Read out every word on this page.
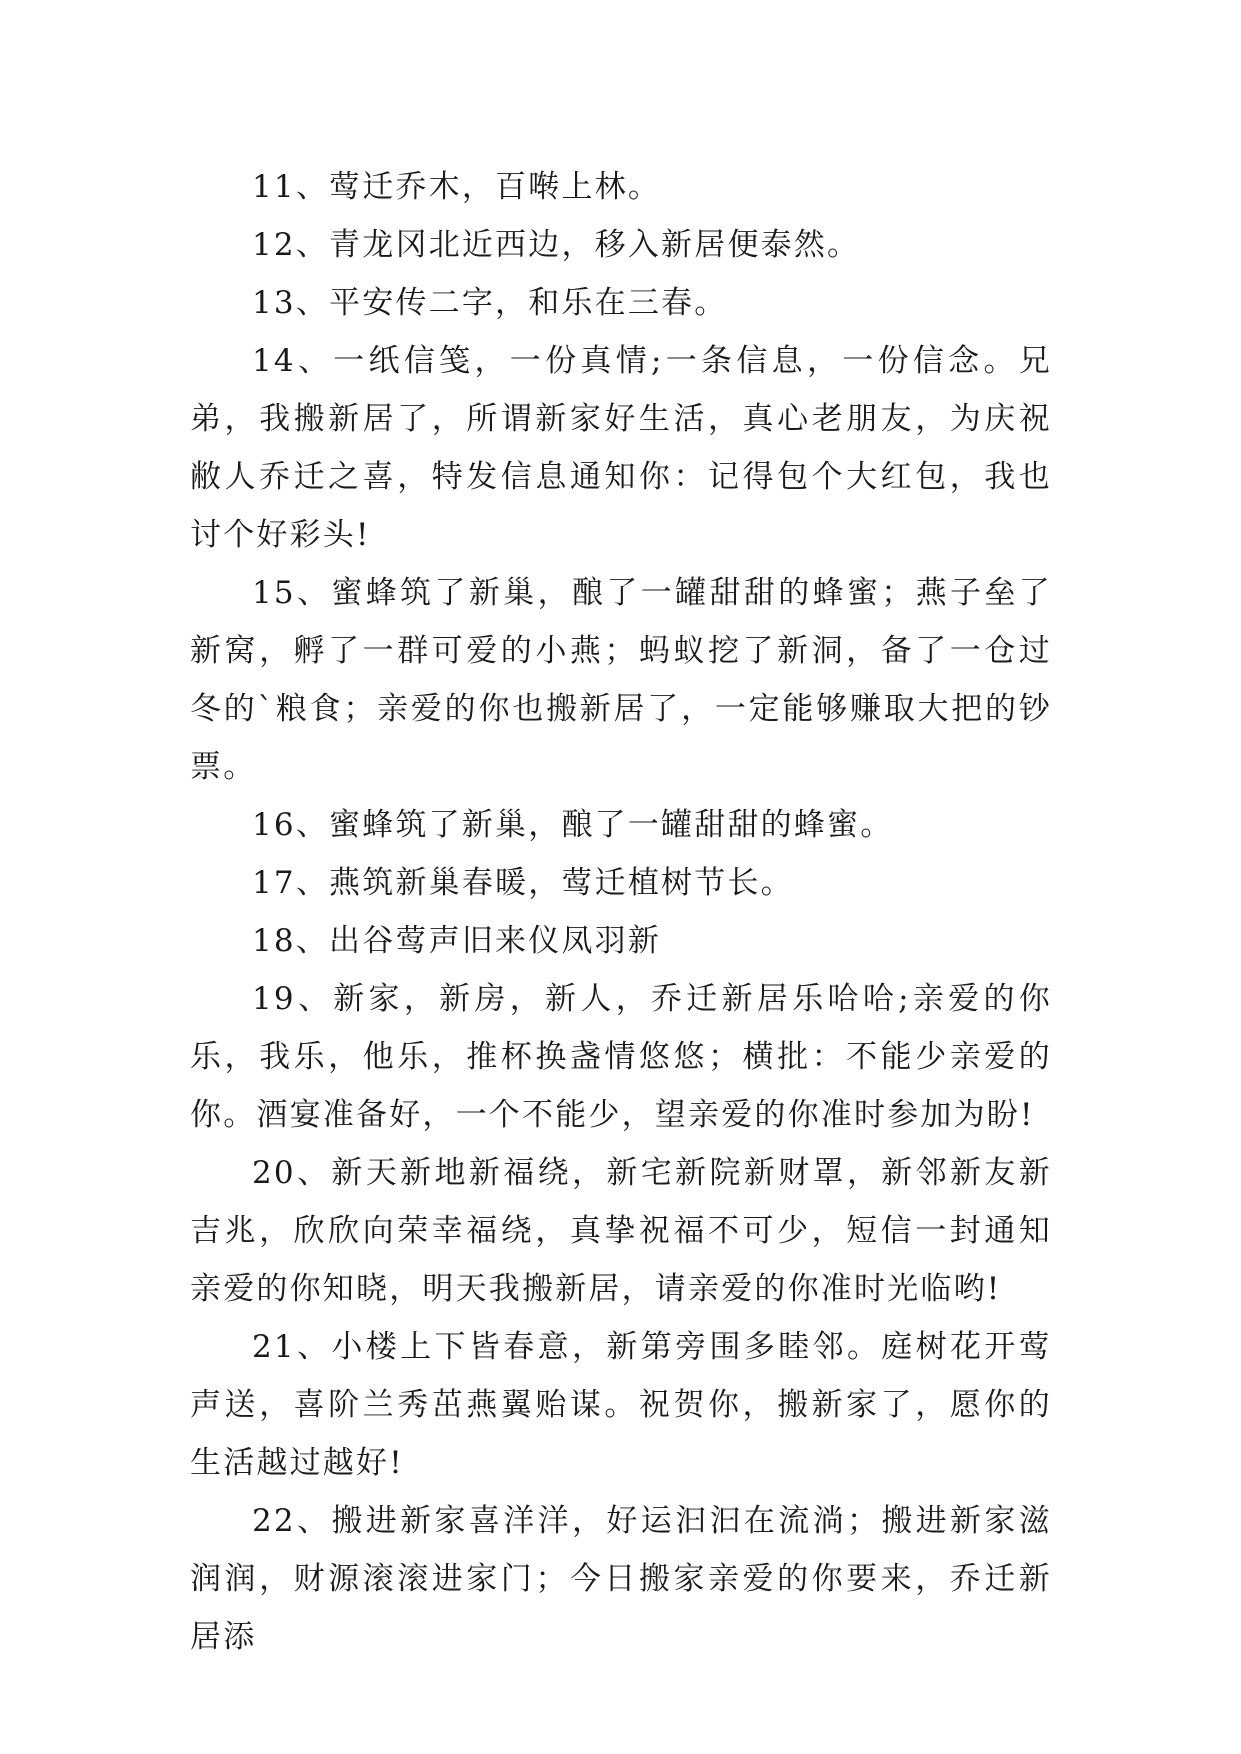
11、莺迁乔木，百啭上林。

12、青龙冈北近西边，移入新居便泰然。

13、平安传二字，和乐在三春。

14、一纸信笺，一份真情;一条信息，一份信念。兄弟，我搬新居了，所谓新家好生活，真心老朋友，为庆祝敝人乔迁之喜，特发信息通知你：记得包个大红包，我也讨个好彩头!

15、蜜蜂筑了新巢，酿了一罐甜甜的蜂蜜；燕子垒了新窝，孵了一群可爱的小燕；蚂蚁挖了新洞，备了一仓过冬的`粮食；亲爱的你也搬新居了，一定能够赚取大把的钞票。

16、蜜蜂筑了新巢，酿了一罐甜甜的蜂蜜。

17、燕筑新巢春暖，莺迁植树节长。

18、出谷莺声旧来仪凤羽新

19、新家，新房，新人，乔迁新居乐哈哈;亲爱的你乐，我乐，他乐，推杯换盏情悠悠；横批：不能少亲爱的你。酒宴准备好，一个不能少，望亲爱的你准时参加为盼!

20、新天新地新福绕，新宅新院新财罩，新邻新友新吉兆，欣欣向荣幸福绕，真挚祝福不可少，短信一封通知亲爱的你知晓，明天我搬新居，请亲爱的你准时光临哟!

21、小楼上下皆春意，新第旁围多睦邻。庭树花开莺声送，喜阶兰秀茁燕翼贻谋。祝贺你，搬新家了，愿你的生活越过越好!

22、搬进新家喜洋洋，好运汩汩在流淌；搬进新家滋润润，财源滚滚进家门；今日搬家亲爱的你要来，乔迁新居添
